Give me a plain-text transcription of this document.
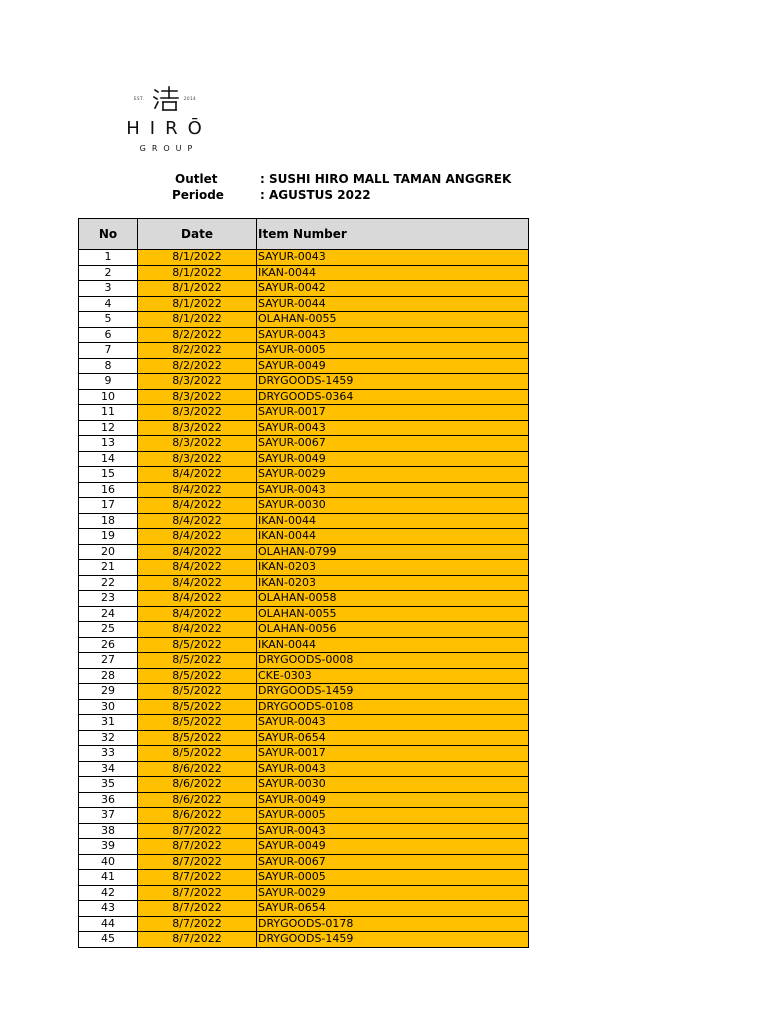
EST.	2014
HIRŌ
GROUP
Outlet	: SUSHI HIRO MALL TAMAN ANGGREK
Periode	: AGUSTUS 2022
No	Date	Item Number
1	8/1/2022	SAYUR-0043
2	8/1/2022	IKAN-0044
3	8/1/2022	SAYUR-0042
4	8/1/2022	SAYUR-0044
5	8/1/2022	OLAHAN-0055
6	8/2/2022	SAYUR-0043
7	8/2/2022	SAYUR-0005
8	8/2/2022	SAYUR-0049
9	8/3/2022	DRYGOODS-1459
10	8/3/2022	DRYGOODS-0364
11	8/3/2022	SAYUR-0017
12	8/3/2022	SAYUR-0043
13	8/3/2022	SAYUR-0067
14	8/3/2022	SAYUR-0049
15	8/4/2022	SAYUR-0029
16	8/4/2022	SAYUR-0043
17	8/4/2022	SAYUR-0030
18	8/4/2022	IKAN-0044
19	8/4/2022	IKAN-0044
20	8/4/2022	OLAHAN-0799
21	8/4/2022	IKAN-0203
22	8/4/2022	IKAN-0203
23	8/4/2022	OLAHAN-0058
24	8/4/2022	OLAHAN-0055
25	8/4/2022	OLAHAN-0056
26	8/5/2022	IKAN-0044
27	8/5/2022	DRYGOODS-0008
28	8/5/2022	CKE-0303
29	8/5/2022	DRYGOODS-1459
30	8/5/2022	DRYGOODS-0108
31	8/5/2022	SAYUR-0043
32	8/5/2022	SAYUR-0654
33	8/5/2022	SAYUR-0017
34	8/6/2022	SAYUR-0043
35	8/6/2022	SAYUR-0030
36	8/6/2022	SAYUR-0049
37	8/6/2022	SAYUR-0005
38	8/7/2022	SAYUR-0043
39	8/7/2022	SAYUR-0049
40	8/7/2022	SAYUR-0067
41	8/7/2022	SAYUR-0005
42	8/7/2022	SAYUR-0029
43	8/7/2022	SAYUR-0654
44	8/7/2022	DRYGOODS-0178
45	8/7/2022	DRYGOODS-1459
